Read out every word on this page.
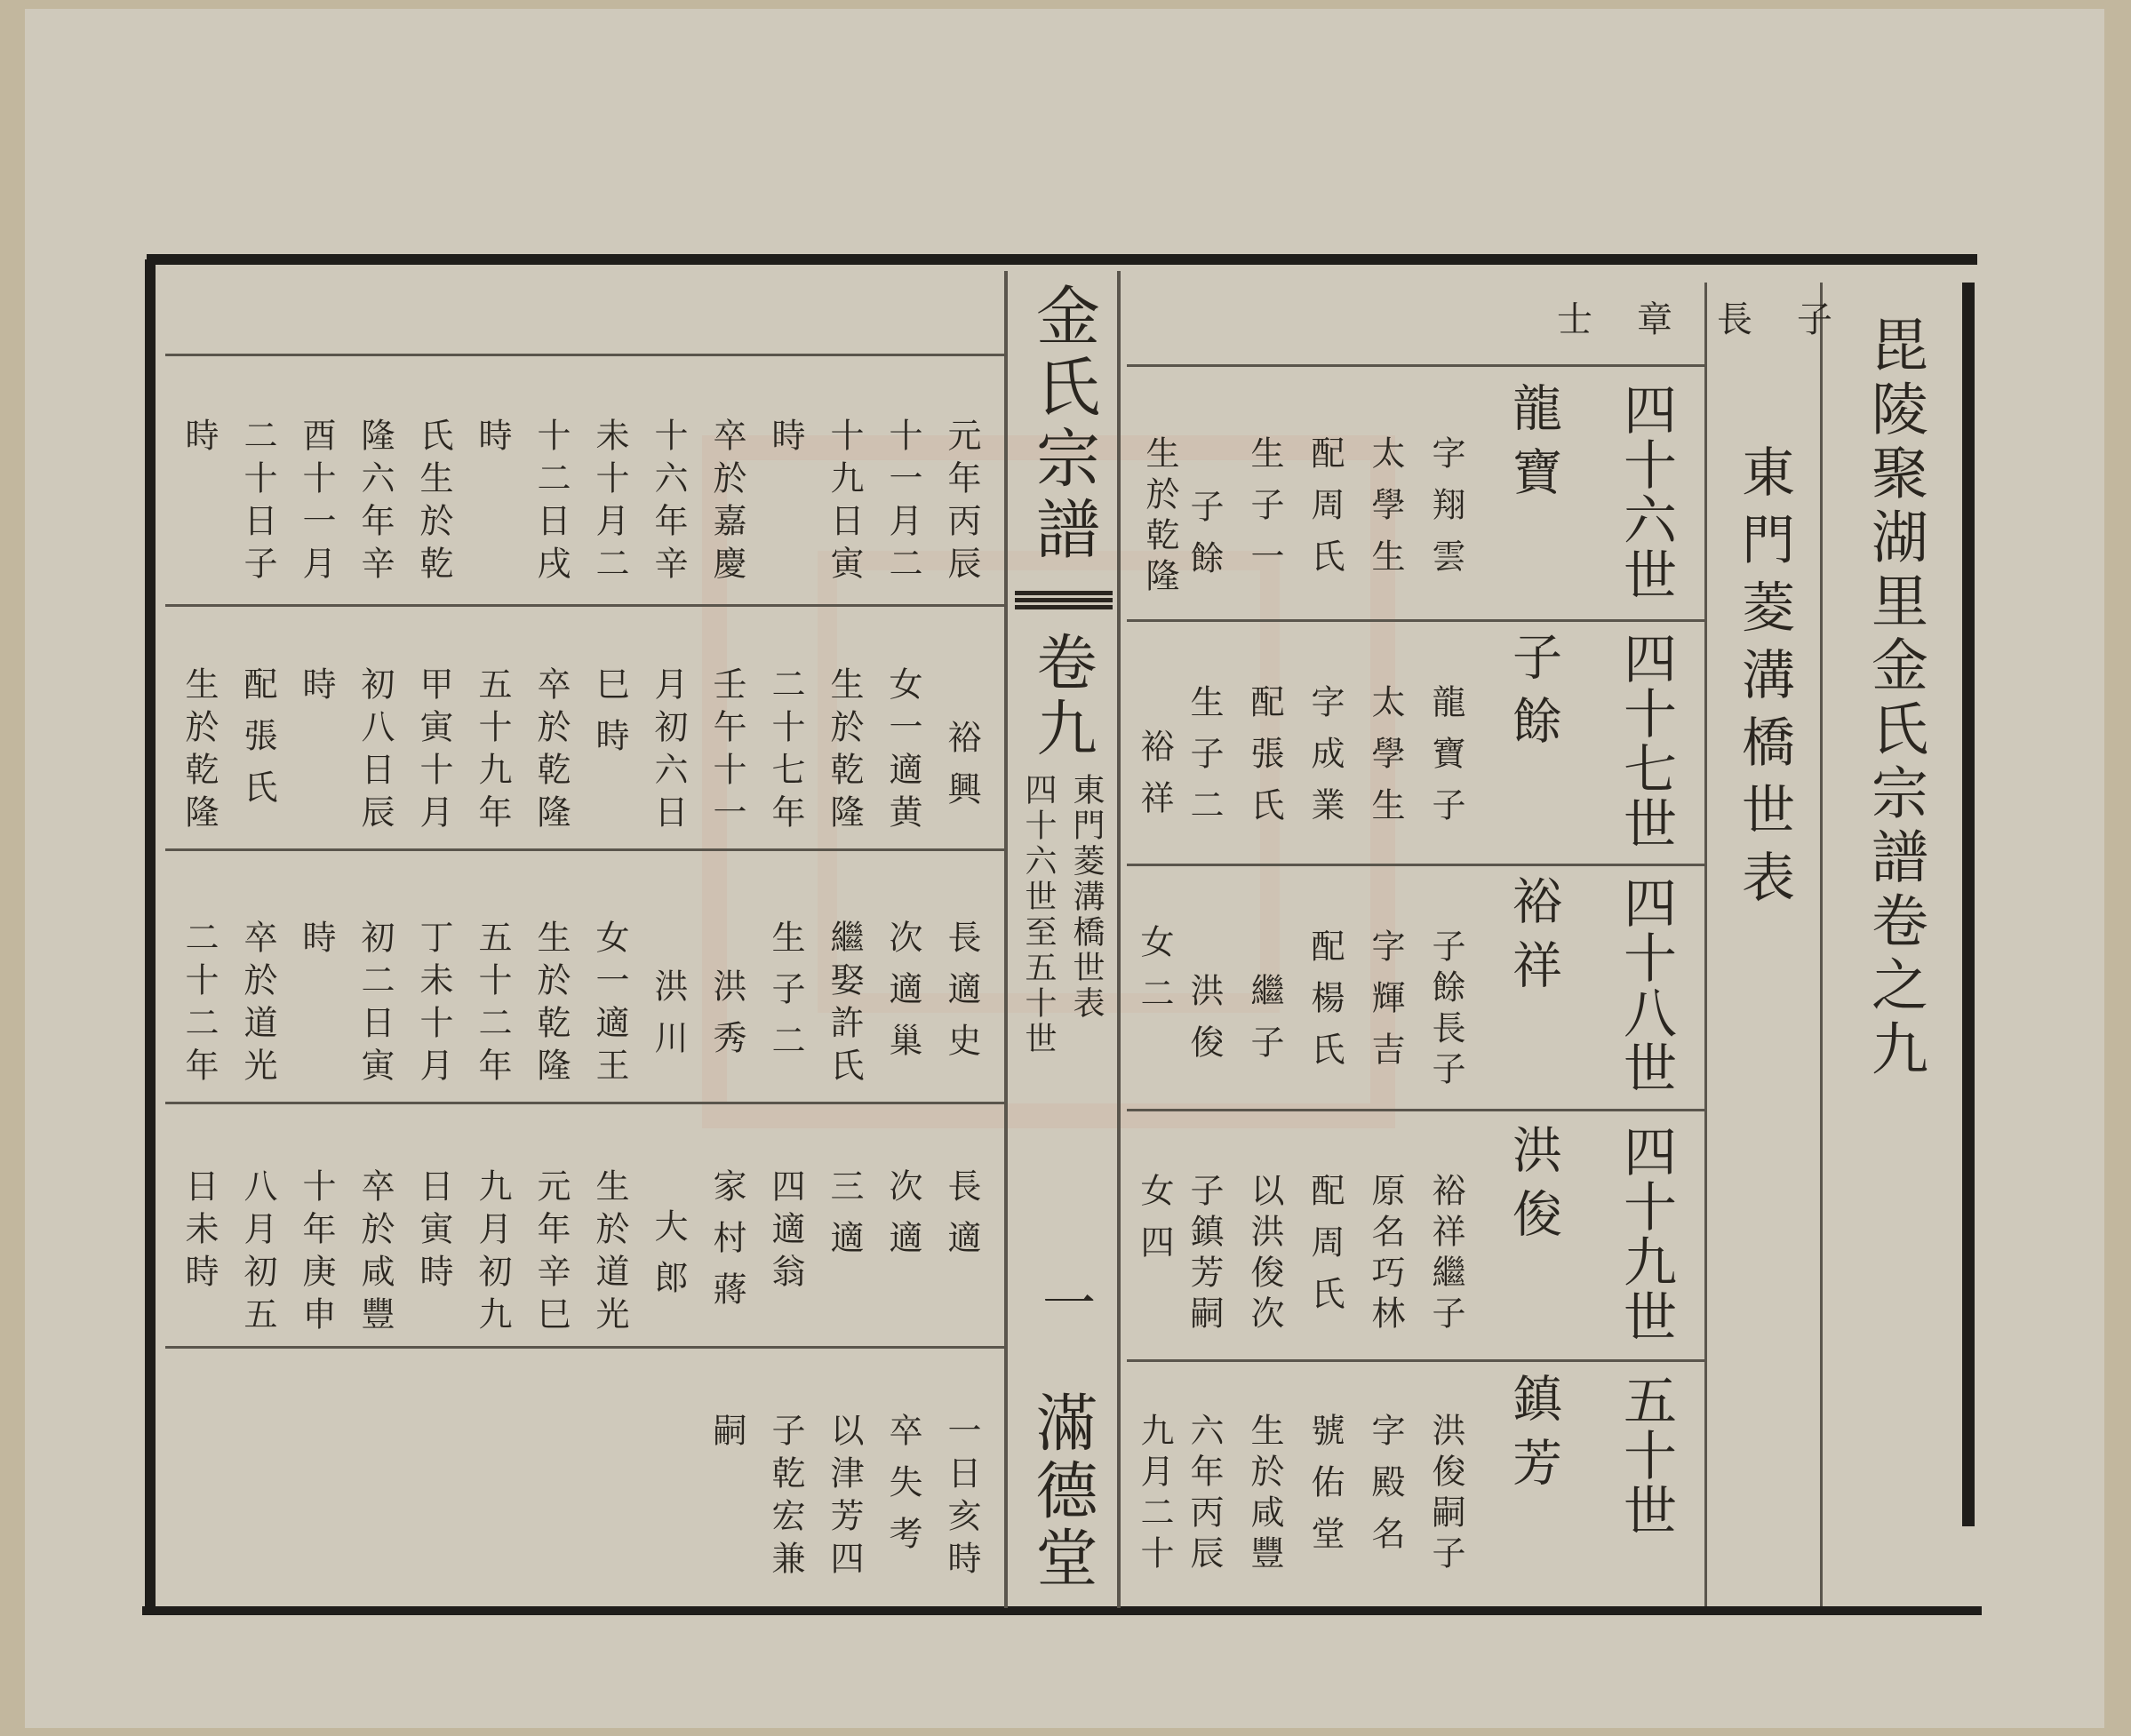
毘陵聚湖里金氏宗譜卷之九
東門菱溝橋世表
四十六世
四十七世
四十八世
四十九世
五十世
龍寶
子餘
裕祥
洪俊
鎮芳
士章長子
字翔雲
太學生
配周氏
生子一
子餘
生於乾隆
龍寶子
太學生
字成業
配張氏
生子二
裕祥
子餘長子
字輝吉
配楊氏
繼子
洪俊
女二
裕祥繼子
原名巧林
配周氏
以洪俊次
子鎮芳嗣
女四
洪俊嗣子
字殿名
號佑堂
生於咸豐
六年丙辰
九月二十
金氏宗譜
卷九
東門菱溝橋世表
四十六世至五十世
一
滿德堂
元年丙辰
十一月二
十九日寅
時
卒於嘉慶
十六年辛
未十月二
十二日戌
時
氏生於乾
隆六年辛
酉十一月
二十日子
時
裕興
女一適黄
生於乾隆
二十七年
壬午十一
月初六日
巳時
卒於乾隆
五十九年
甲寅十月
初八日辰
時
配張氏
生於乾隆
長適史
次適巢
繼娶許氏
生子二
洪秀
洪川
女一適王
生於乾隆
五十二年
丁未十月
初二日寅
時
卒於道光
二十二年
長適
次適
三適
四適翁
家村蔣
大郎
生於道光
元年辛巳
九月初九
日寅時
卒於咸豐
十年庚申
八月初五
日未時
一日亥時
卒失考
以津芳四
子乾宏兼
嗣
